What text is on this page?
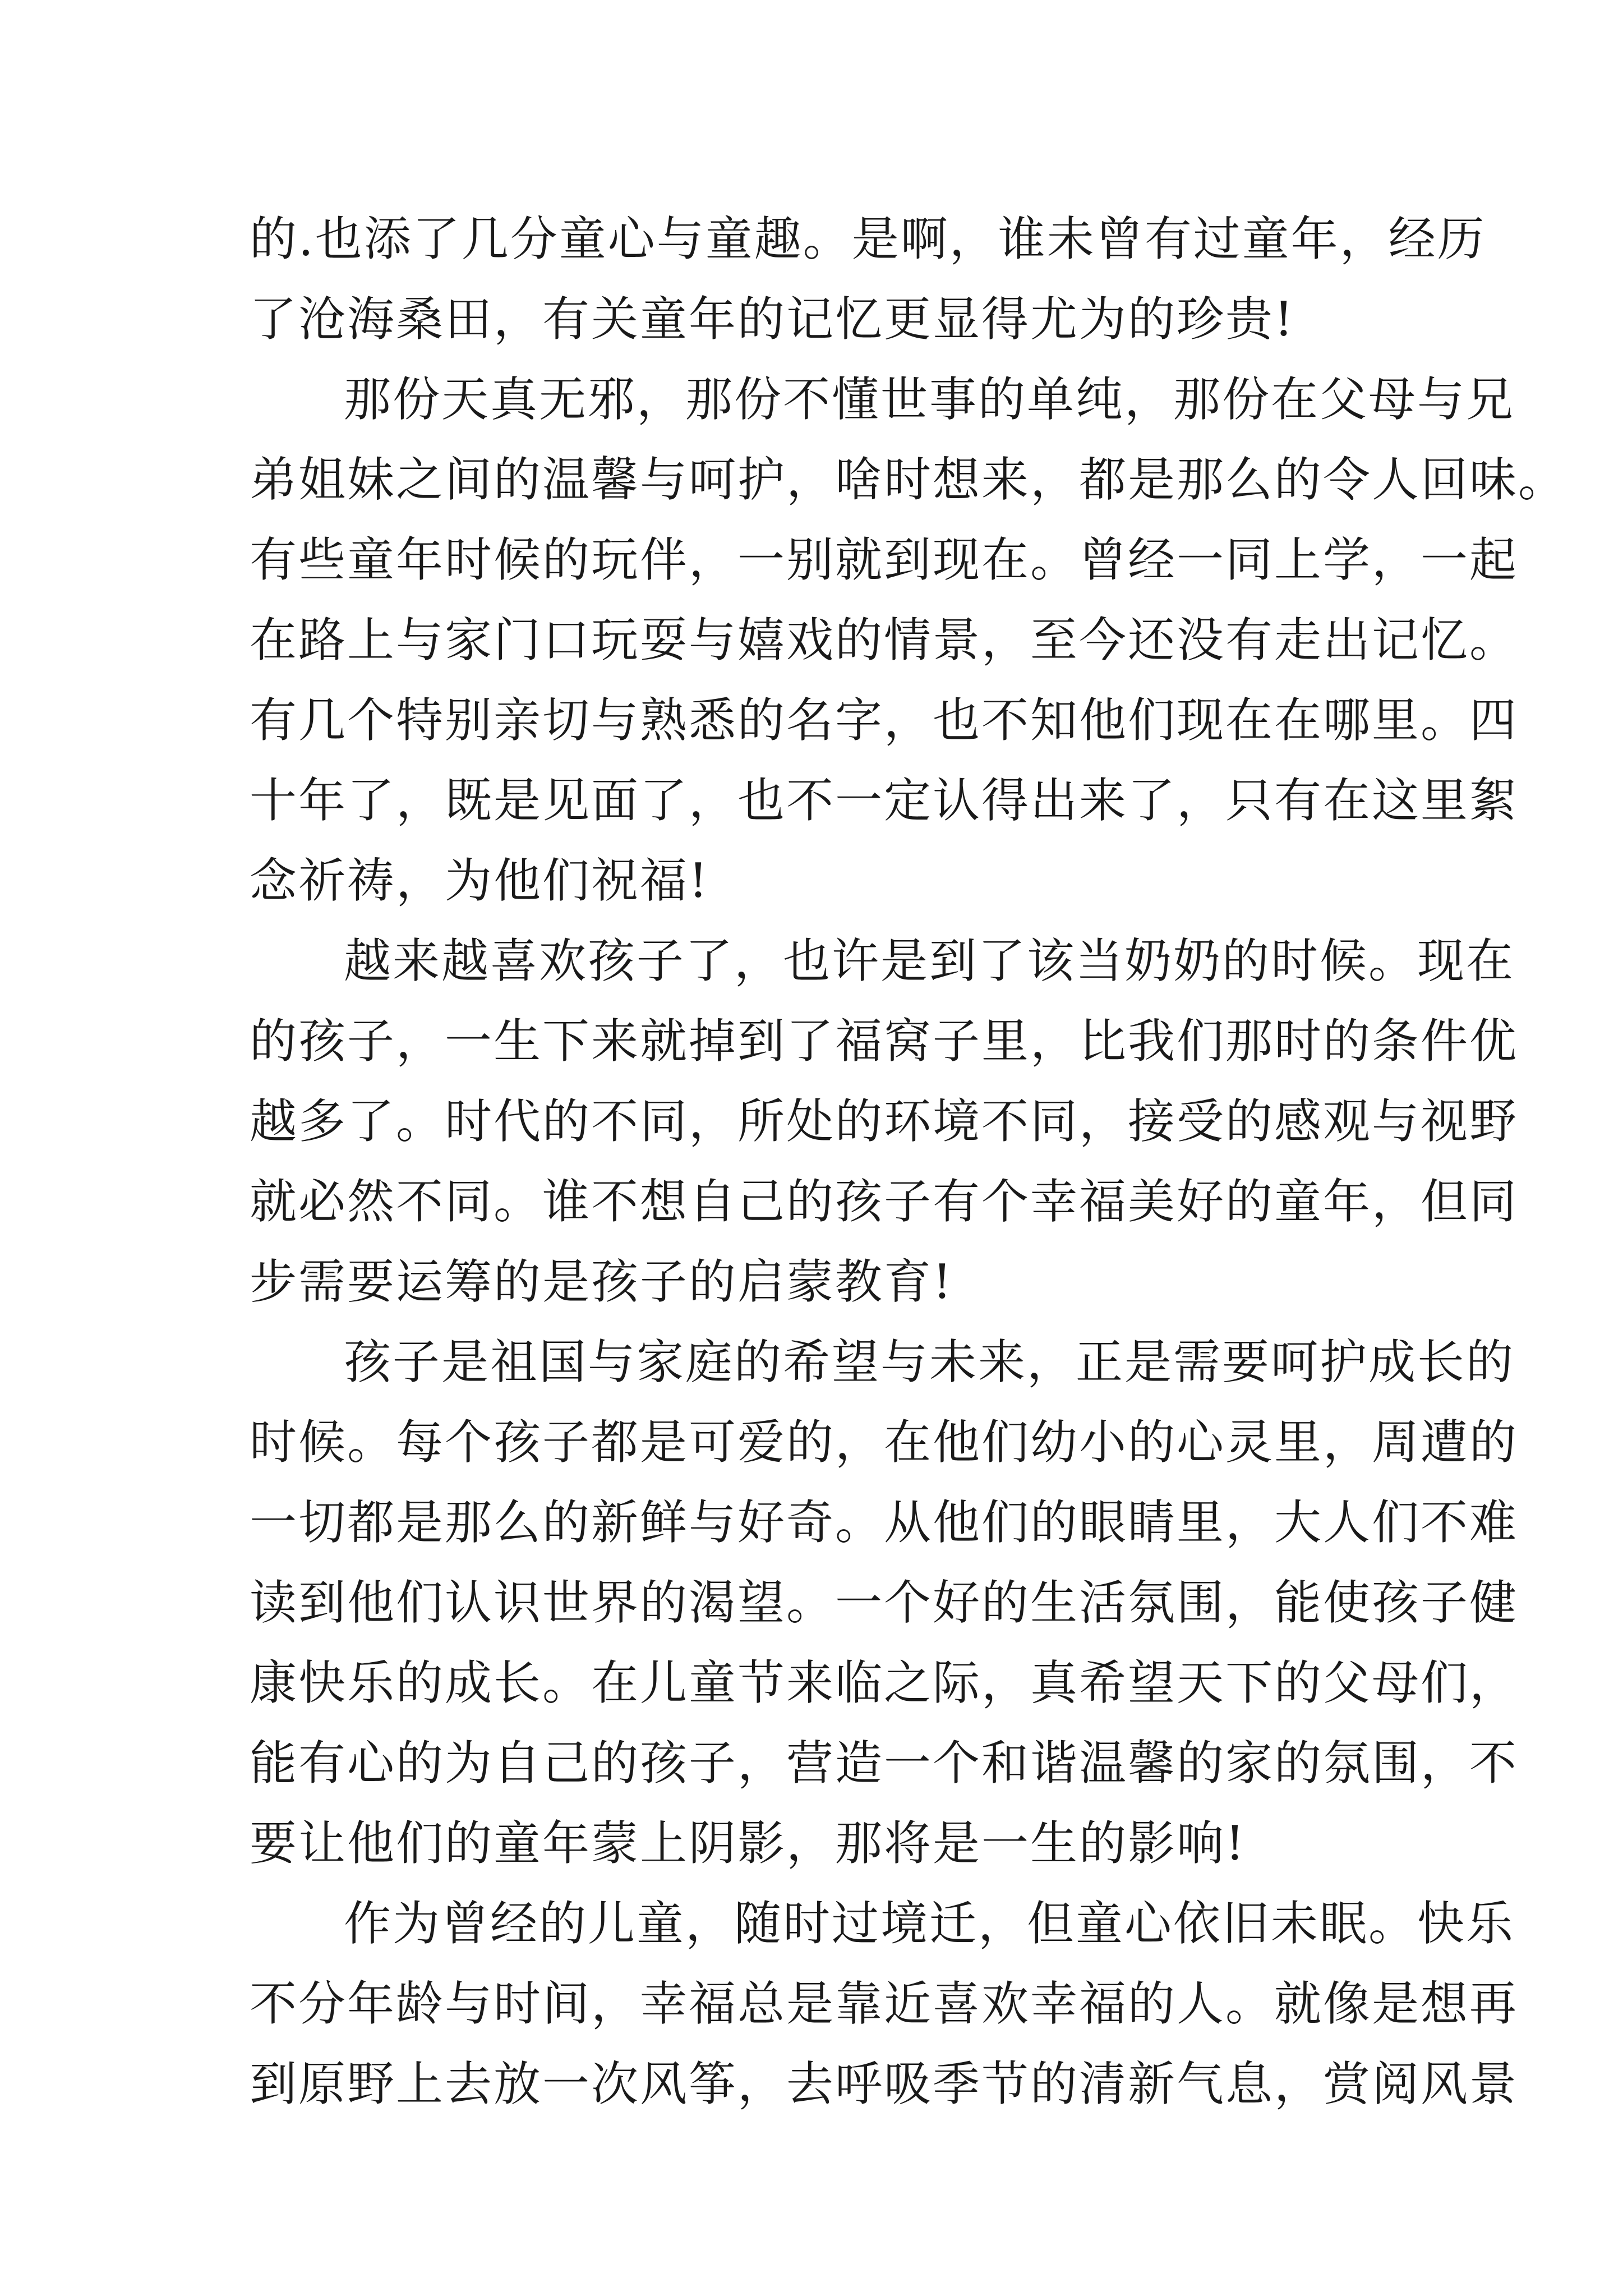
的.也添了几分童心与童趣。是啊，谁未曾有过童年，经历
了沧海桑田，有关童年的记忆更显得尤为的珍贵!
那份天真无邪，那份不懂世事的单纯，那份在父母与兄
弟姐妹之间的温馨与呵护，啥时想来，都是那么的令人回味。
有些童年时候的玩伴，一别就到现在。曾经一同上学，一起
在路上与家门口玩耍与嬉戏的情景，至今还没有走出记忆。
有几个特别亲切与熟悉的名字，也不知他们现在在哪里。四
十年了，既是见面了，也不一定认得出来了，只有在这里絮
念祈祷，为他们祝福!
越来越喜欢孩子了，也许是到了该当奶奶的时候。现在
的孩子，一生下来就掉到了福窝子里，比我们那时的条件优
越多了。时代的不同，所处的环境不同，接受的感观与视野
就必然不同。谁不想自己的孩子有个幸福美好的童年，但同
步需要运筹的是孩子的启蒙教育!
孩子是祖国与家庭的希望与未来，正是需要呵护成长的
时候。每个孩子都是可爱的，在他们幼小的心灵里，周遭的
一切都是那么的新鲜与好奇。从他们的眼睛里，大人们不难
读到他们认识世界的渴望。一个好的生活氛围，能使孩子健
康快乐的成长。在儿童节来临之际，真希望天下的父母们，
能有心的为自己的孩子，营造一个和谐温馨的家的氛围，不
要让他们的童年蒙上阴影，那将是一生的影响!
作为曾经的儿童，随时过境迁，但童心依旧未眠。快乐
不分年龄与时间，幸福总是靠近喜欢幸福的人。就像是想再
到原野上去放一次风筝，去呼吸季节的清新气息，赏阅风景
